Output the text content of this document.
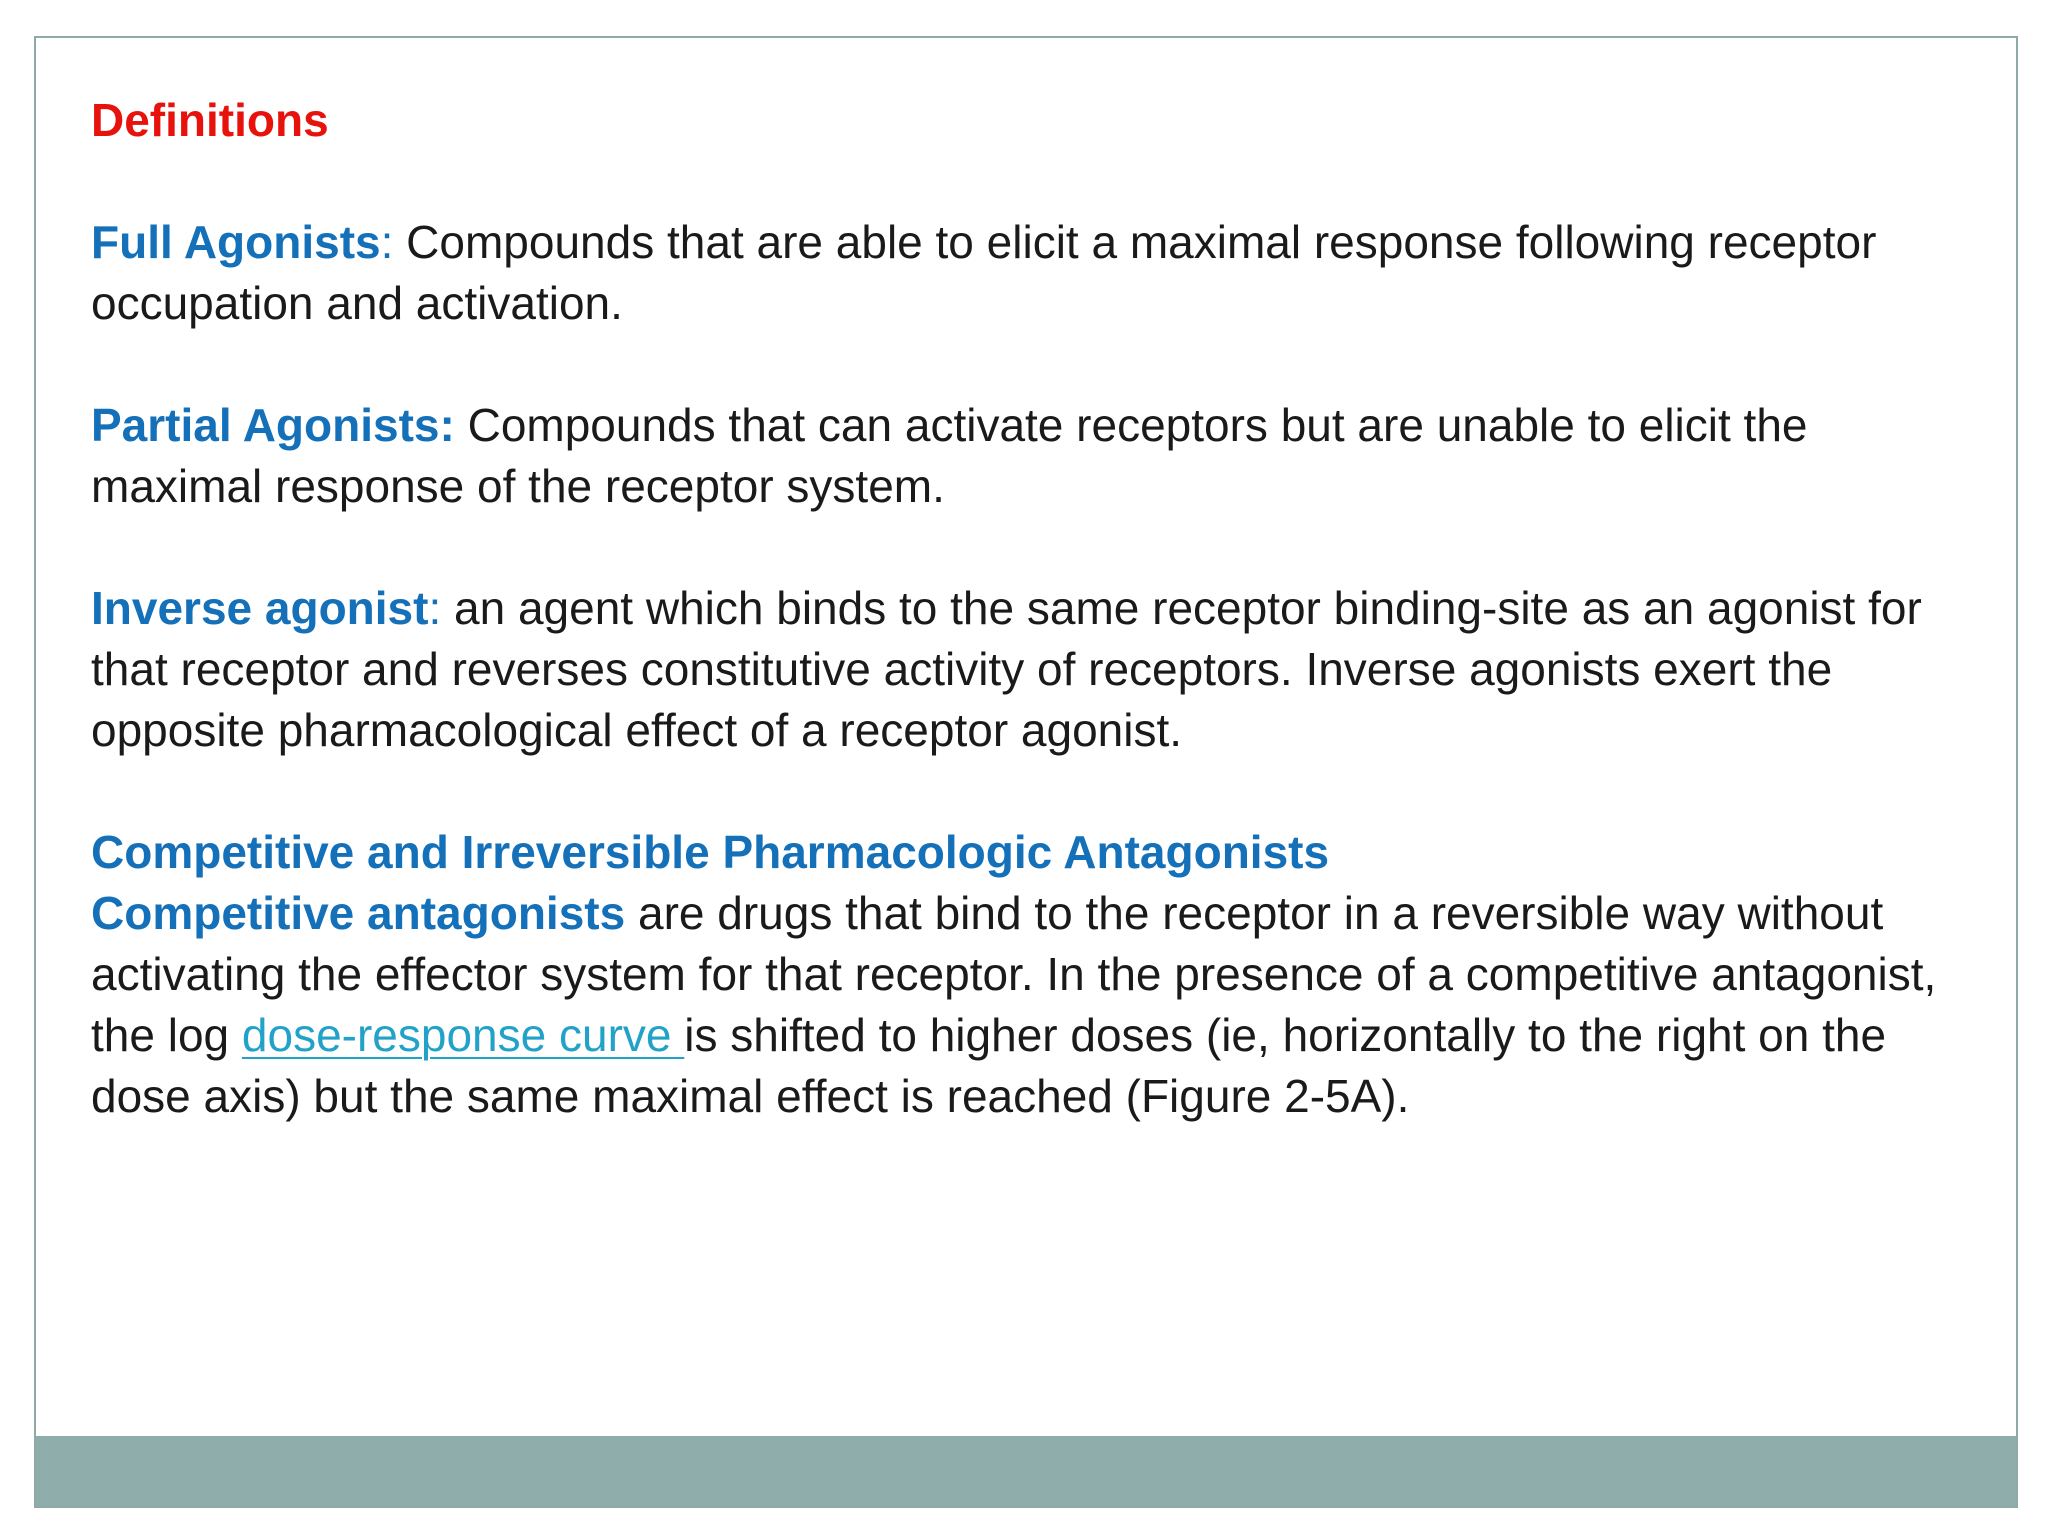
Definitions

Full Agonists: Compounds that are able to elicit a maximal response following receptor occupation and activation.

Partial Agonists: Compounds that can activate receptors but are unable to elicit the maximal response of the receptor system.

Inverse agonist: an agent which binds to the same receptor binding-site as an agonist for that receptor and reverses constitutive activity of receptors. Inverse agonists exert the opposite pharmacological effect of a receptor agonist.

Competitive and Irreversible Pharmacologic Antagonists

Competitive antagonists are drugs that bind to the receptor in a reversible way without activating the effector system for that receptor. In the presence of a competitive antagonist, the log dose-response curve is shifted to higher doses (ie, horizontally to the right on the dose axis) but the same maximal effect is reached (Figure 2-5A).
